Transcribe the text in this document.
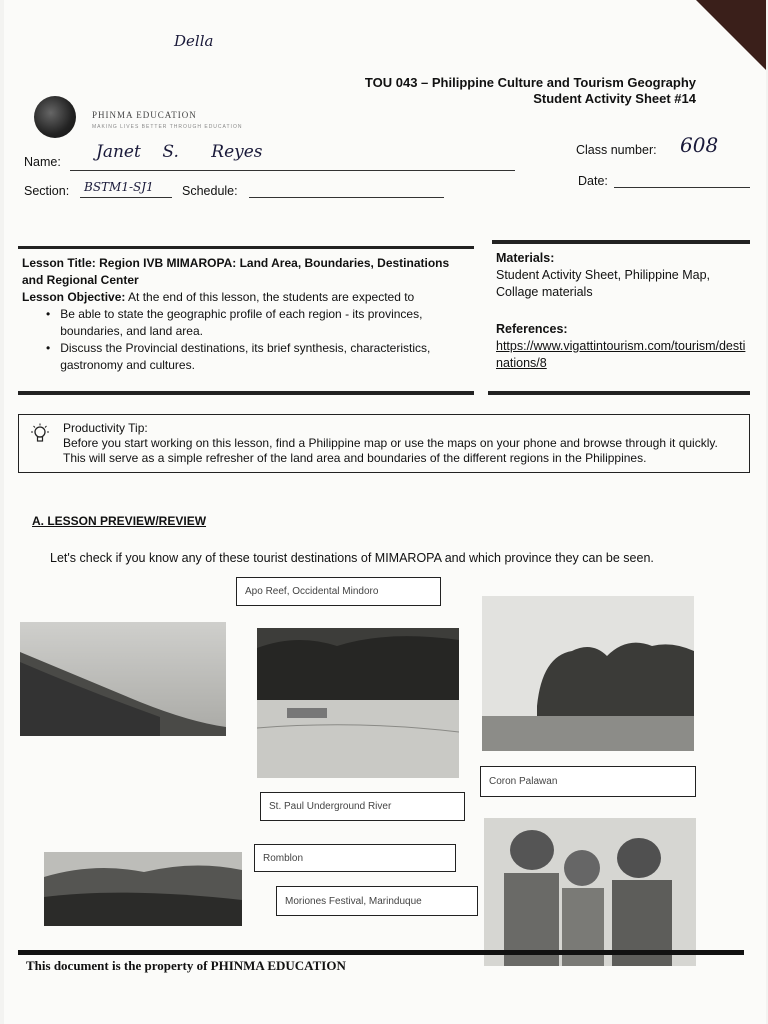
Della
TOU 043 – Philippine Culture and Tourism Geography
Student Activity Sheet #14
PHINMA EDUCATION
MAKING LIVES BETTER THROUGH EDUCATION
Name: Janet    S.      Reyes
Section: BSTM1-SJ1 Schedule:
Class number: 608
Date:
Lesson Title: Region IVB MIMAROPA: Land Area, Boundaries, Destinations and Regional Center
Lesson Objective: At the end of this lesson, the students are expected to
• Be able to state the geographic profile of each region - its provinces, boundaries, and land area.
• Discuss the Provincial destinations, its brief synthesis, characteristics, gastronomy and cultures.
Materials:
Student Activity Sheet, Philippine Map, Collage materials
References:
https://www.vigattintourism.com/tourism/destinations/8
Productivity Tip:
Before you start working on this lesson, find a Philippine map or use the maps on your phone and browse through it quickly. This will serve as a simple refresher of the land area and boundaries of the different regions in the Philippines.
A. LESSON PREVIEW/REVIEW
Let's check if you know any of these tourist destinations of MIMAROPA and which province they can be seen.
Apo Reef, Occidental Mindoro
Coron Palawan
St. Paul Underground River
Romblon
Moriones Festival, Marinduque
This document is the property of PHINMA EDUCATION
